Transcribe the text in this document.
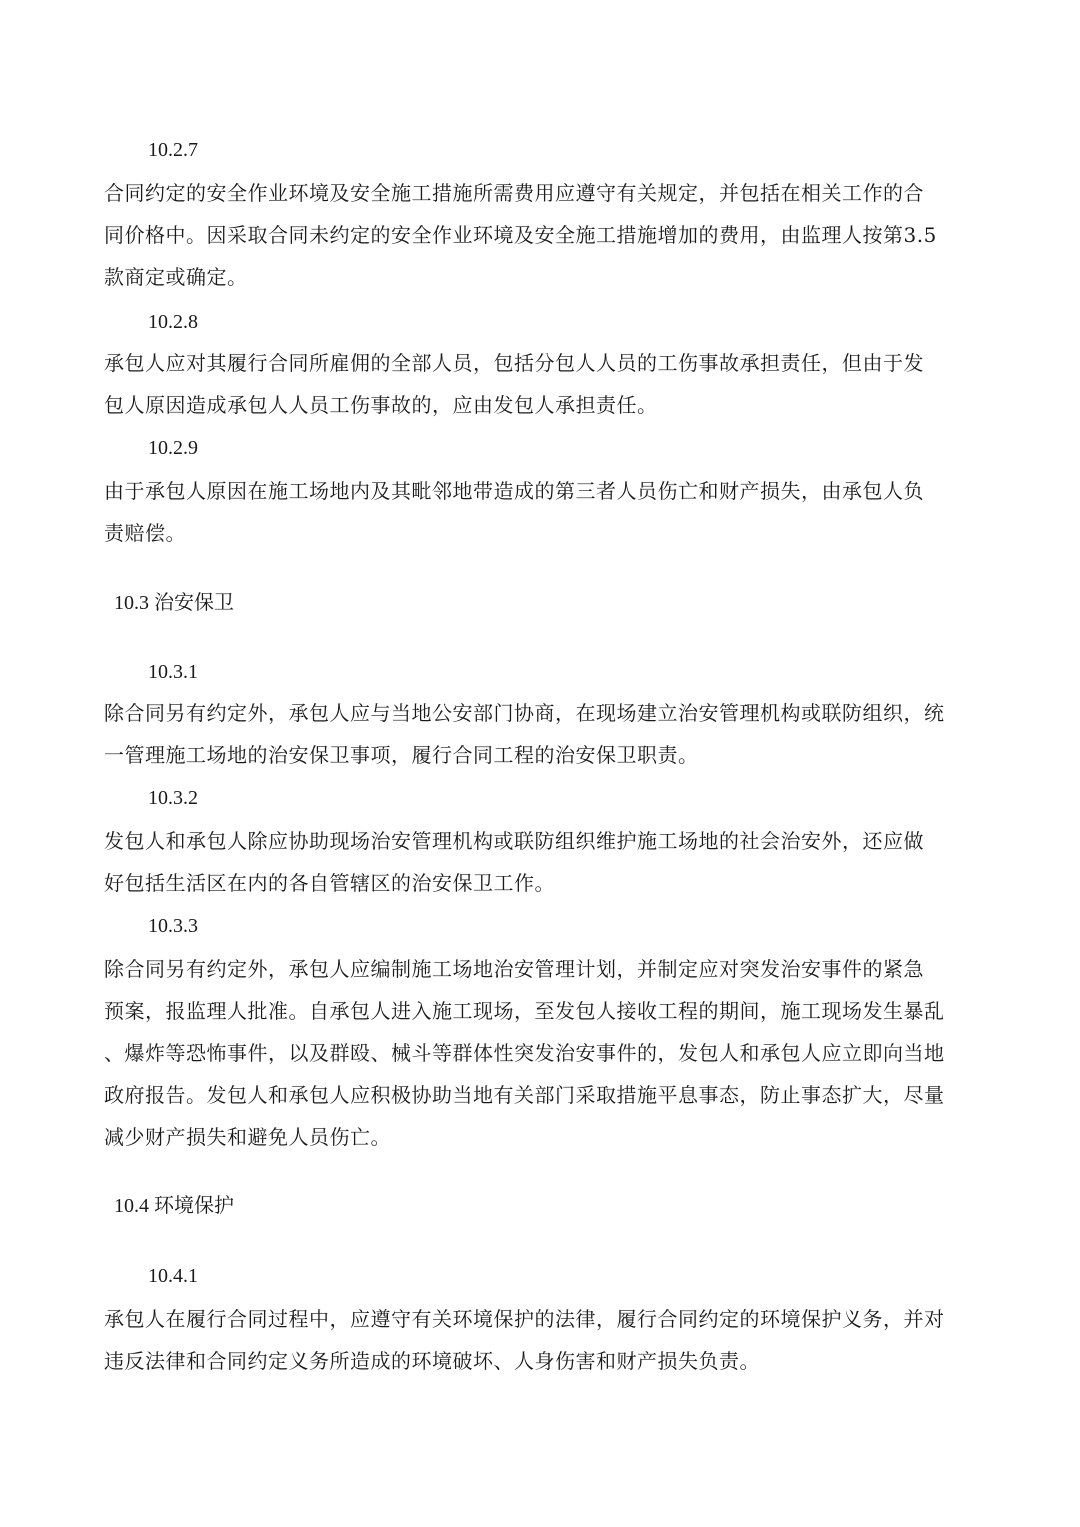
10.2.7

合同约定的安全作业环境及安全施工措施所需费用应遵守有关规定，并包括在相关工作的合
同价格中。因采取合同未约定的安全作业环境及安全施工措施增加的费用，由监理人按第3.5
款商定或确定。

10.2.8

承包人应对其履行合同所雇佣的全部人员，包括分包人人员的工伤事故承担责任，但由于发
包人原因造成承包人人员工伤事故的，应由发包人承担责任。

10.2.9

由于承包人原因在施工场地内及其毗邻地带造成的第三者人员伤亡和财产损失，由承包人负
责赔偿。

10.3 治安保卫
10.3.1

除合同另有约定外，承包人应与当地公安部门协商，在现场建立治安管理机构或联防组织，统
一管理施工场地的治安保卫事项，履行合同工程的治安保卫职责。

10.3.2

发包人和承包人除应协助现场治安管理机构或联防组织维护施工场地的社会治安外，还应做
好包括生活区在内的各自管辖区的治安保卫工作。

10.3.3

除合同另有约定外，承包人应编制施工场地治安管理计划，并制定应对突发治安事件的紧急
预案，报监理人批准。自承包人进入施工现场，至发包人接收工程的期间，施工现场发生暴乱
、爆炸等恐怖事件，以及群殴、械斗等群体性突发治安事件的，发包人和承包人应立即向当地
政府报告。发包人和承包人应积极协助当地有关部门采取措施平息事态，防止事态扩大，尽量
减少财产损失和避免人员伤亡。

10.4 环境保护
10.4.1

承包人在履行合同过程中，应遵守有关环境保护的法律，履行合同约定的环境保护义务，并对
违反法律和合同约定义务所造成的环境破坏、人身伤害和财产损失负责。
